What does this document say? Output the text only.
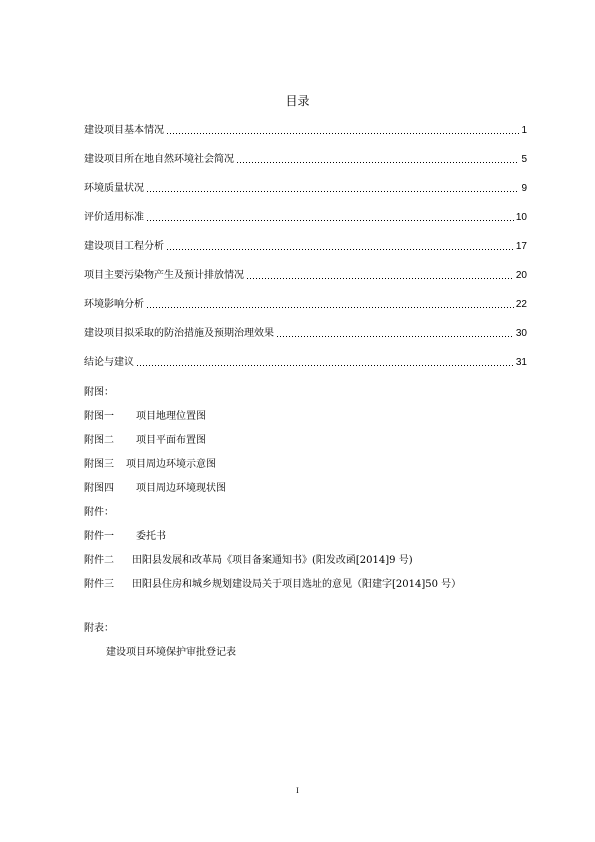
目录
建设项目基本情况	1
建设项目所在地自然环境社会简况	5
环境质量状况	9
评价适用标准	10
建设项目工程分析	17
项目主要污染物产生及预计排放情况	20
环境影响分析	22
建设项目拟采取的防治措施及预期治理效果	30
结论与建议	31
附图：
附图一 项目地理位置图
附图二 项目平面布置图
附图三 项目周边环境示意图
附图四 项目周边环境现状图
附件：
附件一 委托书
附件二 田阳县发展和改革局《项目备案通知书》(阳发改函[2014]9 号)
附件三 田阳县住房和城乡规划建设局关于项目选址的意见（阳建字[2014]50 号）
附表：
建设项目环境保护审批登记表
I
